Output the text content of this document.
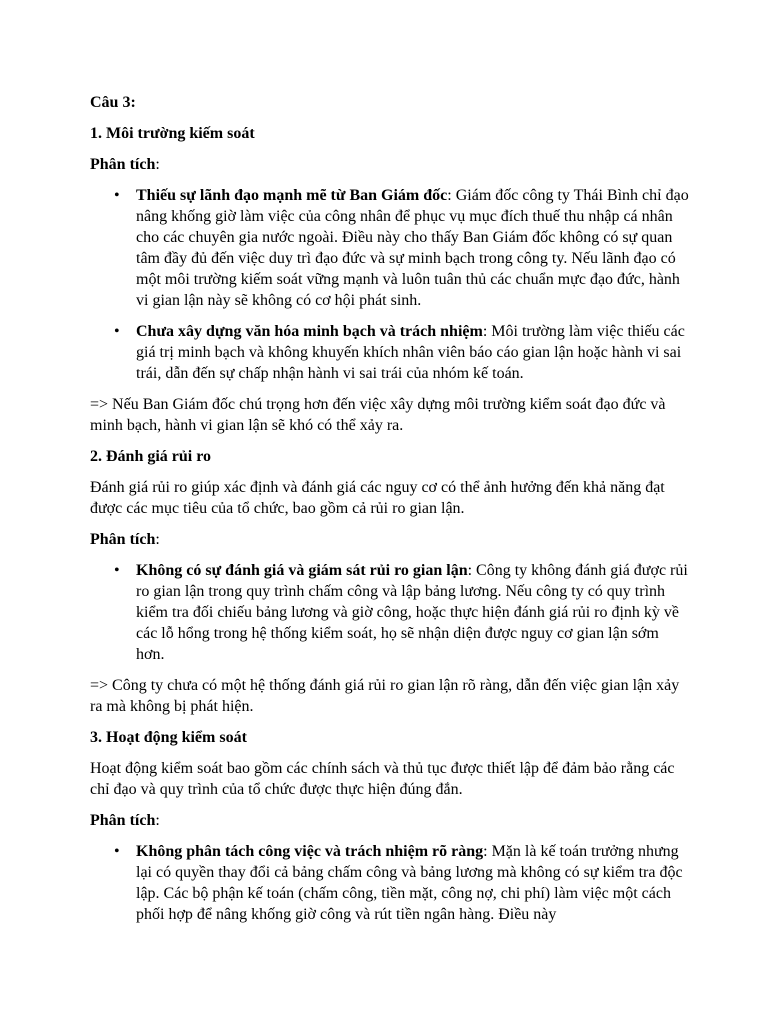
Câu 3:

1. Môi trường kiếm soát

Phân tích:

• Thiếu sự lãnh đạo mạnh mẽ từ Ban Giám đốc: Giám đốc công ty Thái Bình chỉ đạo nâng khống giờ làm việc của công nhân để phục vụ mục đích thuế thu nhập cá nhân cho các chuyên gia nước ngoài. Điều này cho thấy Ban Giám đốc không có sự quan tâm đầy đủ đến việc duy trì đạo đức và sự minh bạch trong công ty. Nếu lãnh đạo có một môi trường kiếm soát vững mạnh và luôn tuân thủ các chuẩn mực đạo đức, hành vi gian lận này sẽ không có cơ hội phát sinh.
• Chưa xây dựng văn hóa minh bạch và trách nhiệm: Môi trường làm việc thiếu các giá trị minh bạch và không khuyến khích nhân viên báo cáo gian lận hoặc hành vi sai trái, dẫn đến sự chấp nhận hành vi sai trái của nhóm kế toán.

=> Nếu Ban Giám đốc chú trọng hơn đến việc xây dựng môi trường kiểm soát đạo đức và minh bạch, hành vi gian lận sẽ khó có thể xảy ra.

2. Đánh giá rủi ro

Đánh giá rủi ro giúp xác định và đánh giá các nguy cơ có thể ảnh hưởng đến khả năng đạt được các mục tiêu của tổ chức, bao gồm cả rủi ro gian lận.

Phân tích:

• Không có sự đánh giá và giám sát rủi ro gian lận: Công ty không đánh giá được rủi ro gian lận trong quy trình chấm công và lập bảng lương. Nếu công ty có quy trình kiểm tra đối chiếu bảng lương và giờ công, hoặc thực hiện đánh giá rủi ro định kỳ về các lỗ hổng trong hệ thống kiểm soát, họ sẽ nhận diện được nguy cơ gian lận sớm hơn.

=> Công ty chưa có một hệ thống đánh giá rủi ro gian lận rõ ràng, dẫn đến việc gian lận xảy ra mà không bị phát hiện.

3. Hoạt động kiểm soát

Hoạt động kiểm soát bao gồm các chính sách và thủ tục được thiết lập để đảm bảo rằng các chỉ đạo và quy trình của tổ chức được thực hiện đúng đắn.

Phân tích:

• Không phân tách công việc và trách nhiệm rõ ràng: Mặn là kế toán trưởng nhưng lại có quyền thay đổi cả bảng chấm công và bảng lương mà không có sự kiểm tra độc lập. Các bộ phận kế toán (chấm công, tiền mặt, công nợ, chi phí) làm việc một cách phối hợp để nâng khống giờ công và rút tiền ngân hàng. Điều này
